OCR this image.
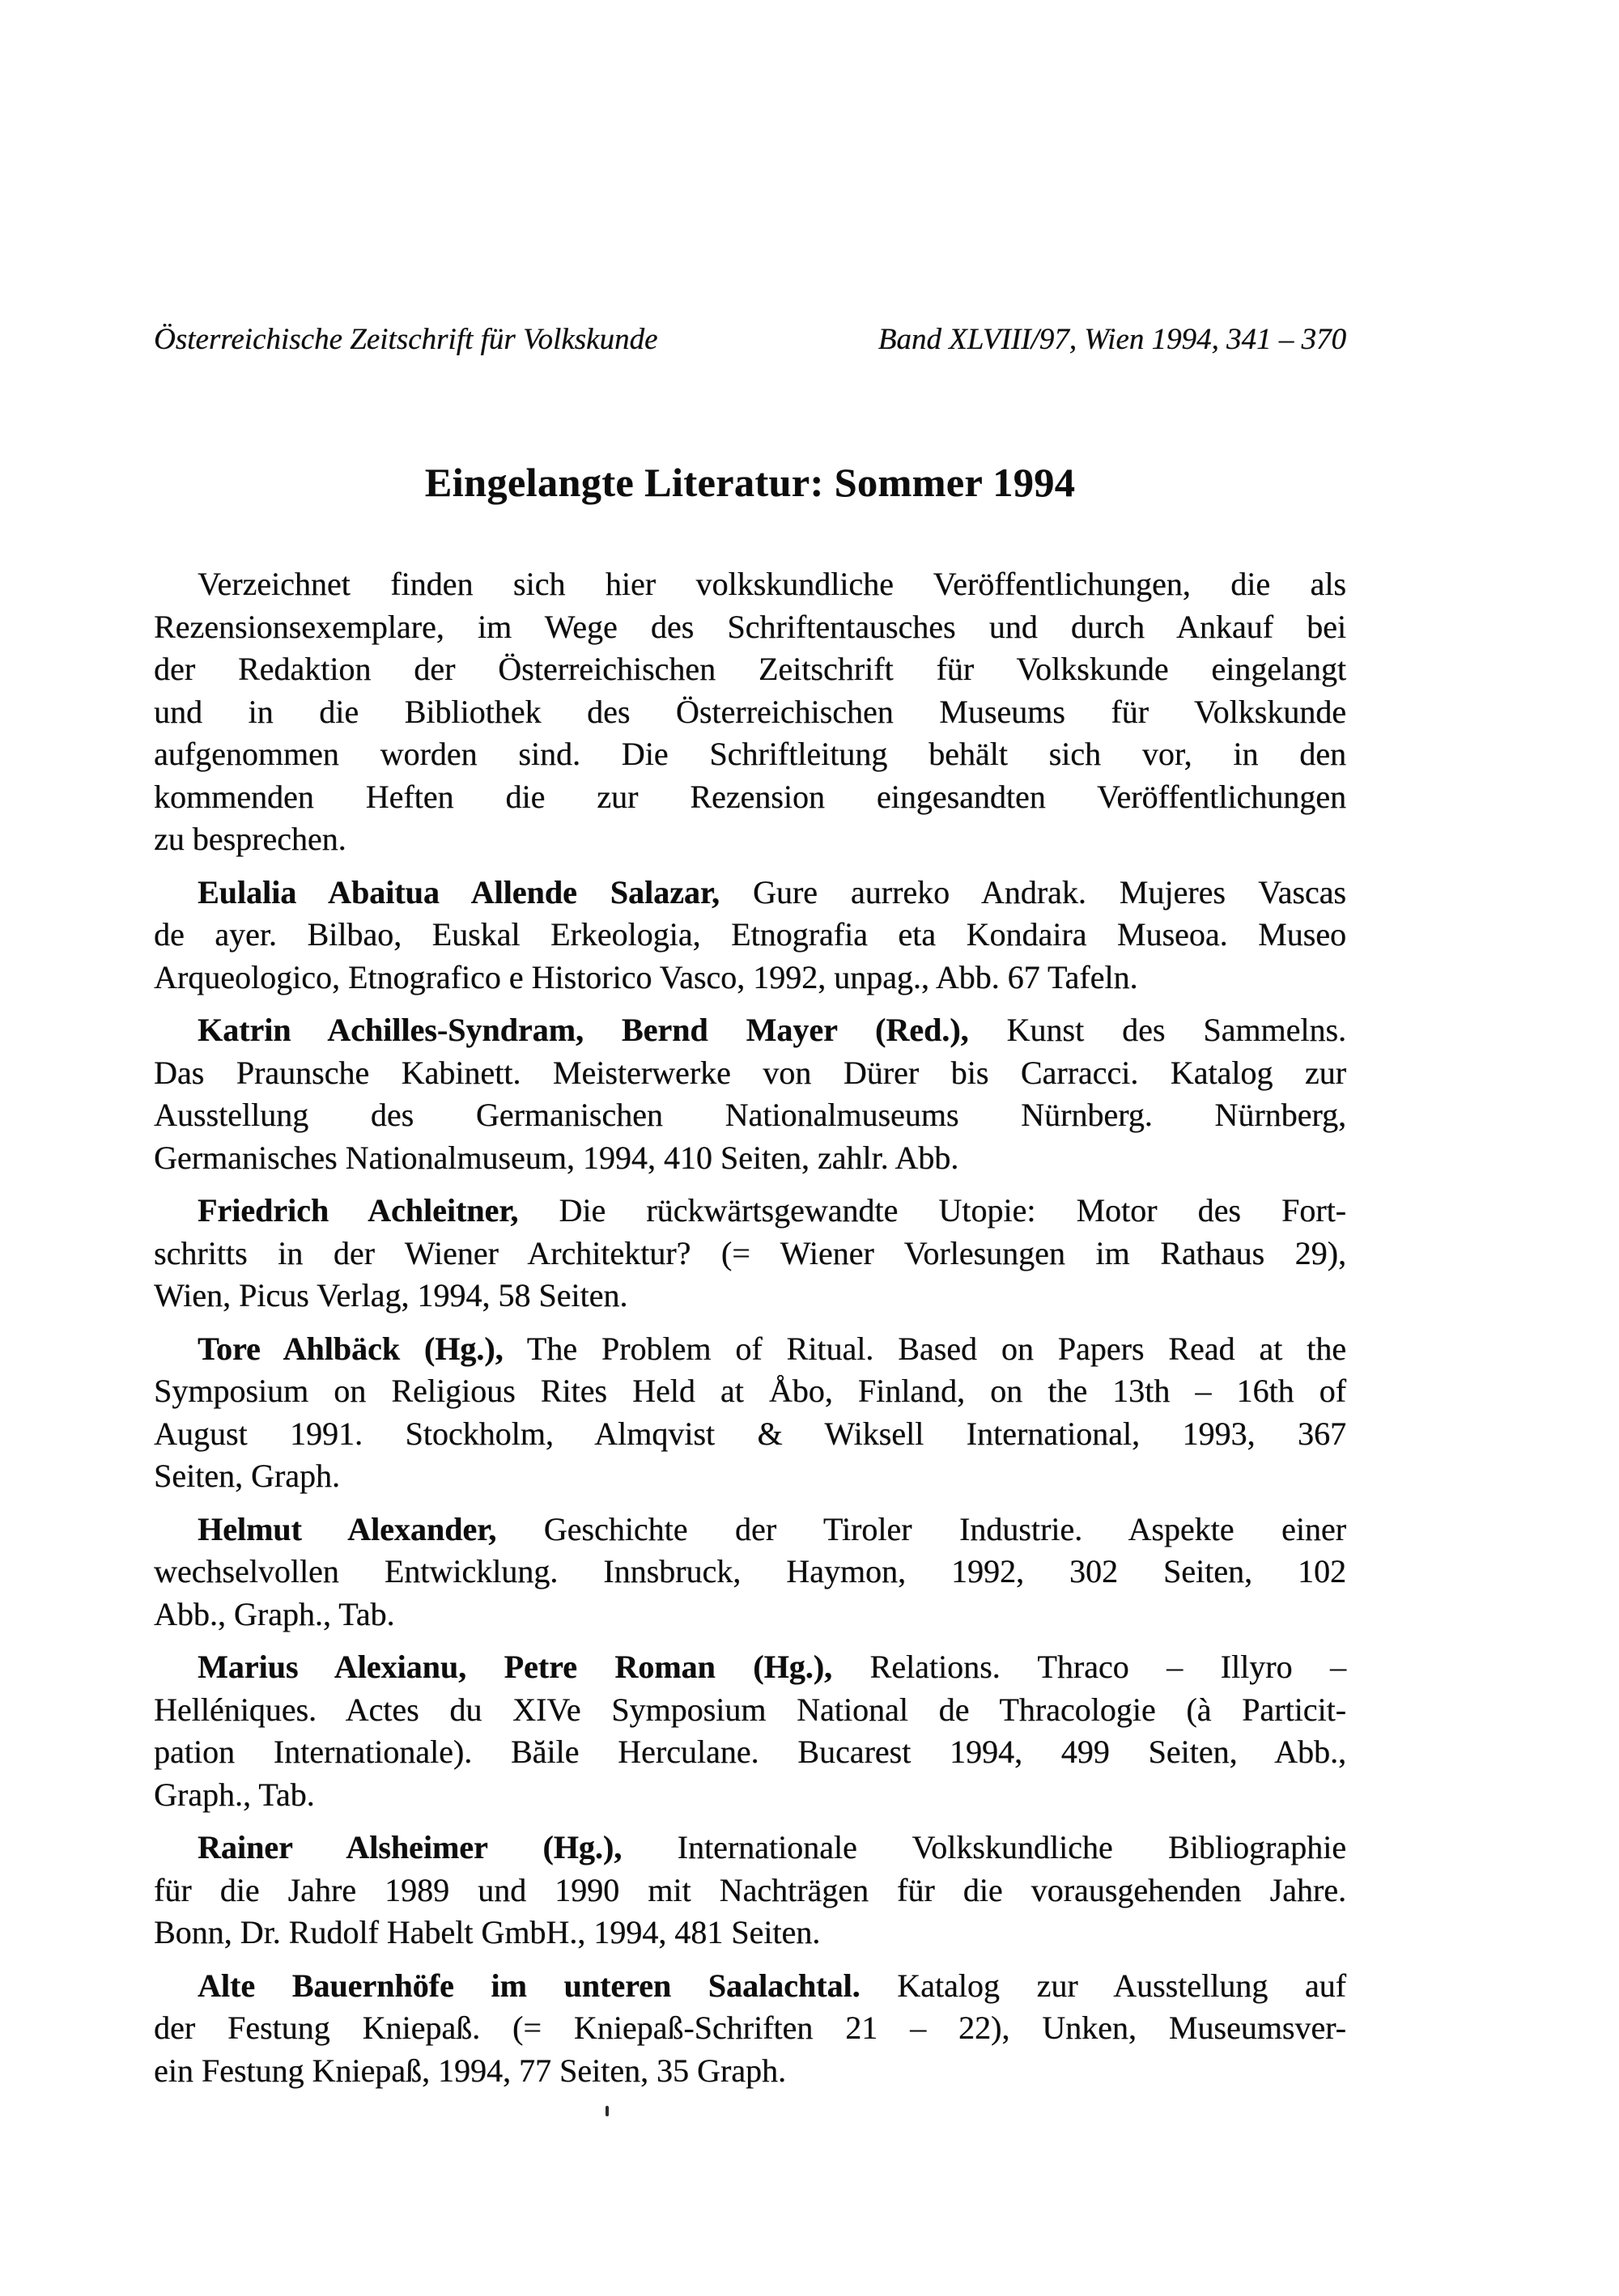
Österreichische Zeitschrift für Volkskunde	Band XLVIII/97, Wien 1994, 341 – 370
Eingelangte Literatur: Sommer 1994
Verzeichnet finden sich hier volkskundliche Veröffentlichungen, die als
Rezensionsexemplare, im Wege des Schriftentausches und durch Ankauf bei
der Redaktion der Österreichischen Zeitschrift für Volkskunde eingelangt
und in die Bibliothek des Österreichischen Museums für Volkskunde
aufgenommen worden sind. Die Schriftleitung behält sich vor, in den
kommenden Heften die zur Rezension eingesandten Veröffentlichungen
zu besprechen.
Eulalia Abaitua Allende Salazar, Gure aurreko Andrak. Mujeres Vascas
de ayer. Bilbao, Euskal Erkeologia, Etnografia eta Kondaira Museoa. Museo
Arqueologico, Etnografico e Historico Vasco, 1992, unpag., Abb. 67 Tafeln.
Katrin Achilles-Syndram, Bernd Mayer (Red.), Kunst des Sammelns.
Das Praunsche Kabinett. Meisterwerke von Dürer bis Carracci. Katalog zur
Ausstellung des Germanischen Nationalmuseums Nürnberg. Nürnberg,
Germanisches Nationalmuseum, 1994, 410 Seiten, zahlr. Abb.
Friedrich Achleitner, Die rückwärtsgewandte Utopie: Motor des Fort-
schritts in der Wiener Architektur? (= Wiener Vorlesungen im Rathaus 29),
Wien, Picus Verlag, 1994, 58 Seiten.
Tore Ahlbäck (Hg.), The Problem of Ritual. Based on Papers Read at the
Symposium on Religious Rites Held at Åbo, Finland, on the 13th – 16th of
August 1991. Stockholm, Almqvist & Wiksell International, 1993, 367
Seiten, Graph.
Helmut Alexander, Geschichte der Tiroler Industrie. Aspekte einer
wechselvollen Entwicklung. Innsbruck, Haymon, 1992, 302 Seiten, 102
Abb., Graph., Tab.
Marius Alexianu, Petre Roman (Hg.), Relations. Thraco – Illyro –
Helléniques. Actes du XIVe Symposium National de Thracologie (à Particit-
pation Internationale). Băile Herculane. Bucarest 1994, 499 Seiten, Abb.,
Graph., Tab.
Rainer Alsheimer (Hg.), Internationale Volkskundliche Bibliographie
für die Jahre 1989 und 1990 mit Nachträgen für die vorausgehenden Jahre.
Bonn, Dr. Rudolf Habelt GmbH., 1994, 481 Seiten.
Alte Bauernhöfe im unteren Saalachtal. Katalog zur Ausstellung auf
der Festung Kniepaß. (= Kniepaß-Schriften 21 – 22), Unken, Museumsver-
ein Festung Kniepaß, 1994, 77 Seiten, 35 Graph.
